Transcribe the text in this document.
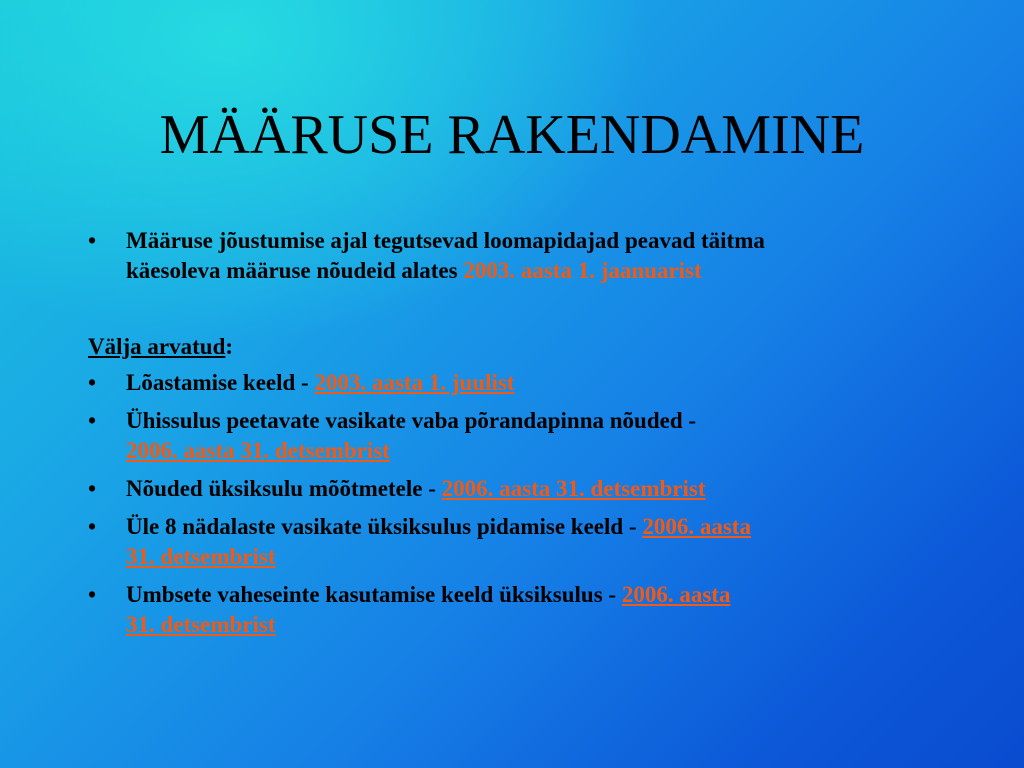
MÄÄRUSE RAKENDAMINE
• Määruse jõustumise ajal tegutsevad loomapidajad peavad täitma
käesoleva määruse nõudeid alates 2003. aasta 1. jaanuarist
Välja arvatud:
• Lõastamise keeld - 2003. aasta 1. juulist
• Ühissulus peetavate vasikate vaba põrandapinna nõuded -
2006. aasta 31. detsembrist
• Nõuded üksiksulu mõõtmetele - 2006. aasta 31. detsembrist
• Üle 8 nädalaste vasikate üksiksulus pidamise keeld - 2006. aasta
31. detsembrist
• Umbsete vaheseinte kasutamise keeld üksiksulus - 2006. aasta
31. detsembrist
